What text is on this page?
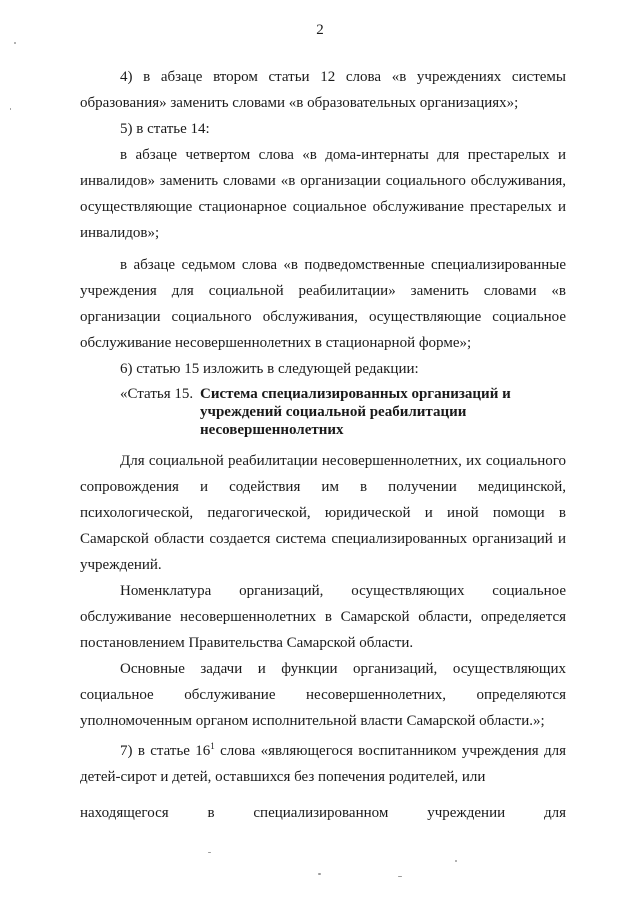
2

4) в абзаце втором статьи 12 слова «в учреждениях системы образования» заменить словами «в образовательных организациях»;

5) в статье 14:

в абзаце четвертом слова «в дома-интернаты для престарелых и инвалидов» заменить словами «в организации социального обслуживания, осуществляющие стационарное социальное обслуживание престарелых и инвалидов»;

в абзаце седьмом слова «в подведомственные специализированные учреждения для социальной реабилитации» заменить словами «в организации социального обслуживания, осуществляющие социальное обслуживание несовершеннолетних в стационарной форме»;

6) статью 15 изложить в следующей редакции:

«Статья 15. Система специализированных организаций и учреждений социальной реабилитации несовершеннолетних

Для социальной реабилитации несовершеннолетних, их социального сопровождения и содействия им в получении медицинской, психологической, педагогической, юридической и иной помощи в Самарской области создается система специализированных организаций и учреждений.

Номенклатура организаций, осуществляющих социальное обслуживание несовершеннолетних в Самарской области, определяется постановлением Правительства Самарской области.

Основные задачи и функции организаций, осуществляющих социальное обслуживание несовершеннолетних, определяются уполномоченным органом исполнительной власти Самарской области.»;

7) в статье $16^1$ слова «являющегося воспитанником учреждения для детей-сирот и детей, оставшихся без попечения родителей, или

находящегося	в	специализированном	учреждении	для
